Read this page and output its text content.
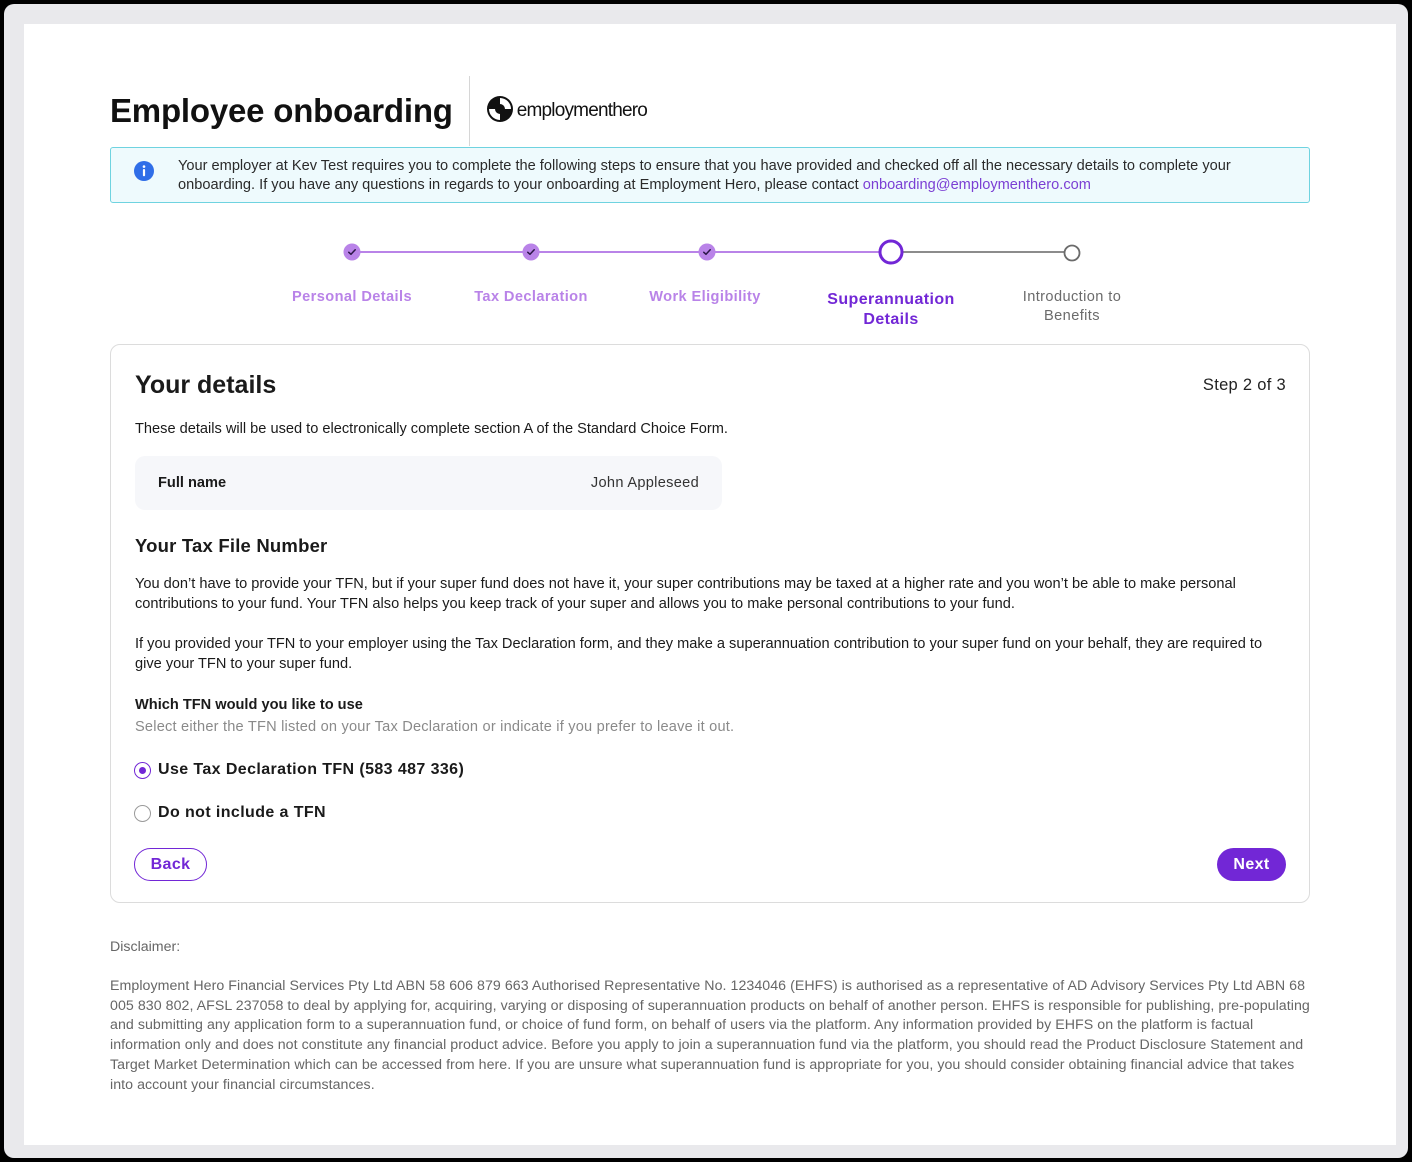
Employee onboarding	employmenthero
Your employer at Kev Test requires you to complete the following steps to ensure that you have provided and checked off all the necessary details to complete your onboarding. If you have any questions in regards to your onboarding at Employment Hero, please contact onboarding@employmenthero.com
Personal Details	Tax Declaration	Work Eligibility	Superannuation Details
Introduction to Benefits
Your details	Step 2 of 3

These details will be used to electronically complete section A of the Standard Choice Form.

Full name	John Appleseed
Your Tax File Number

You don’t have to provide your TFN, but if your super fund does not have it, your super contributions may be taxed at a higher rate and you won’t be able to make personal contributions to your fund. Your TFN also helps you keep track of your super and allows you to make personal contributions to your fund.

If you provided your TFN to your employer using the Tax Declaration form, and they make a superannuation contribution to your super fund on your behalf, they are required to give your TFN to your super fund.

Which TFN would you like to use
Select either the TFN listed on your Tax Declaration or indicate if you prefer to leave it out.
Use Tax Declaration TFN (583 487 336)
Do not include a TFN
Back	Next
Disclaimer:

Employment Hero Financial Services Pty Ltd ABN 58 606 879 663 Authorised Representative No. 1234046 (EHFS) is authorised as a representative of AD Advisory Services Pty Ltd ABN 68 005 830 802, AFSL 237058 to deal by applying for, acquiring, varying or disposing of superannuation products on behalf of another person. EHFS is responsible for publishing, pre-populating and submitting any application form to a superannuation fund, or choice of fund form, on behalf of users via the platform. Any information provided by EHFS on the platform is factual information only and does not constitute any financial product advice. Before you apply to join a superannuation fund via the platform, you should read the Product Disclosure Statement and Target Market Determination which can be accessed from here. If you are unsure what superannuation fund is appropriate for you, you should consider obtaining financial advice that takes into account your financial circumstances.
